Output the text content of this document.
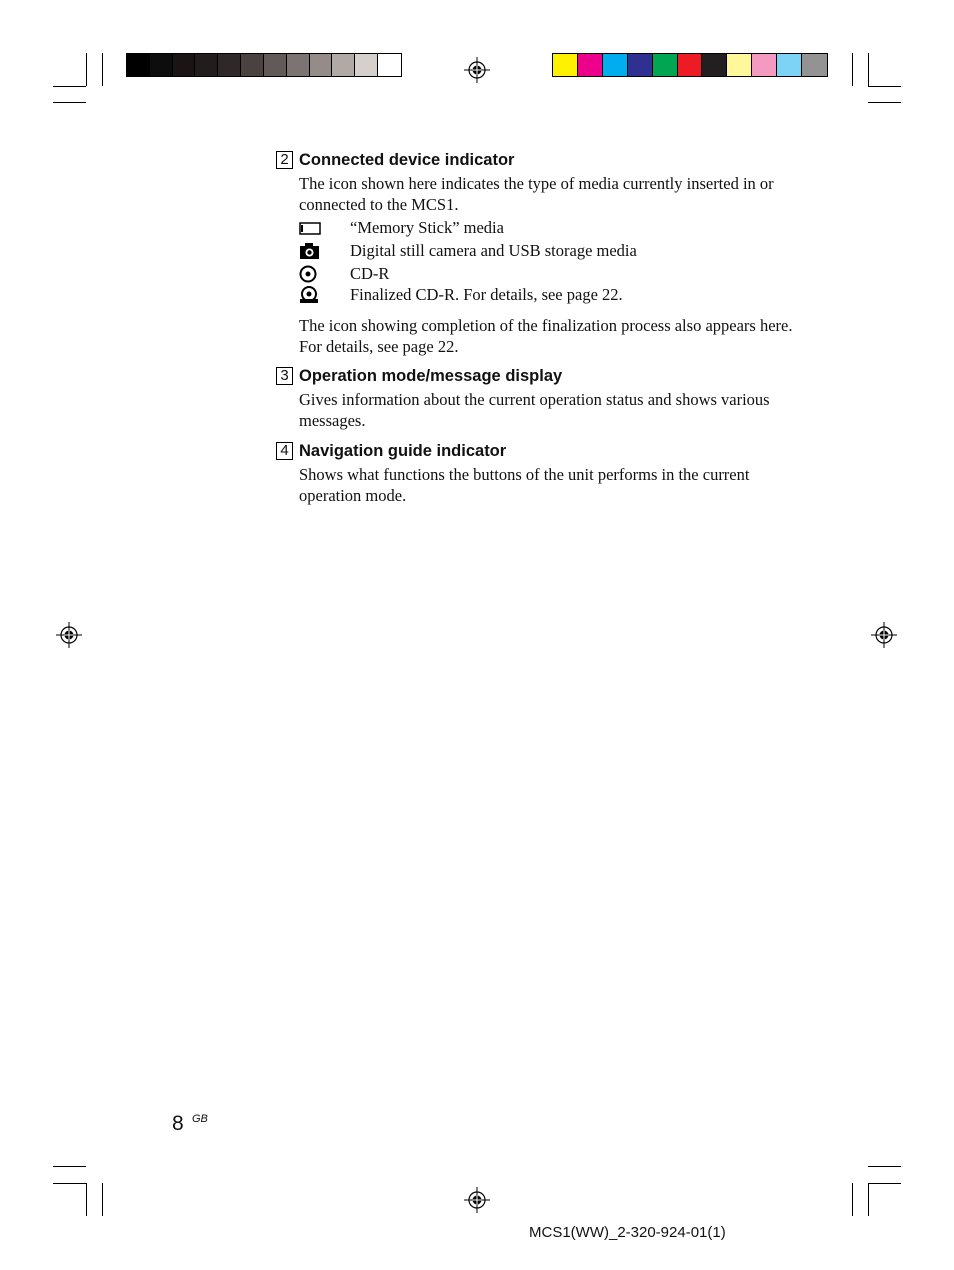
2 Connected device indicator
The icon shown here indicates the type of media currently inserted in or connected to the MCS1.
“Memory Stick” media
Digital still camera and USB storage media
CD-R
Finalized CD-R. For details, see page 22.
The icon showing completion of the finalization process also appears here. For details, see page 22.
3 Operation mode/message display
Gives information about the current operation status and shows various messages.
4 Navigation guide indicator
Shows what functions the buttons of the unit performs in the current operation mode.
8 GB
MCS1(WW)_2-320-924-01(1)
